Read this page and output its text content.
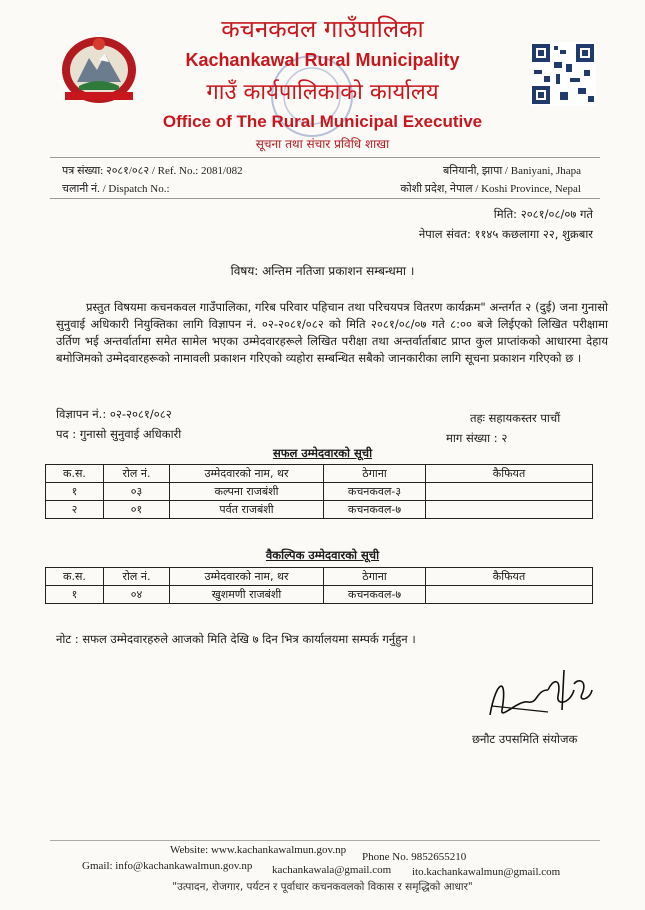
कचनकवल गाउँपालिका
Kachankawal Rural Municipality
गाउँ कार्यपालिकाको कार्यालय
Office of The Rural Municipal Executive
सूचना तथा संचार प्रविधि शाखा
पत्र संख्या: २०८१/०८२ / Ref. No.: 2081/082
चलानी नं. / Dispatch No.:
बनियानी, झापा / Baniyani, Jhapa
कोशी प्रदेश, नेपाल / Koshi Province, Nepal
मिति: २०८१/०८/०७ गते
नेपाल संवत: ११४५ कछलागा २२, शुक्रबार
विषय: अन्तिम नतिजा प्रकाशन सम्बन्धमा ।
प्रस्तुत विषयमा कचनकवल गाउँपालिका, गरिब परिवार पहिचान तथा परिचयपत्र वितरण कार्यक्रम" अन्तर्गत २ (दुई) जना गुनासो सुनुवाई अधिकारी नियुक्तिका लागि विज्ञापन नं. ०२-२०८१/०८२ को मिति २०८१/०८/०७ गते ८:०० बजे लिईएको लिखित परीक्षामा उर्तिण भई अन्तर्वार्तामा समेत सामेल भएका उम्मेदवारहरूले लिखित परीक्षा तथा अन्तर्वार्ताबाट प्राप्त कुल प्राप्तांकको आधारमा देहाय बमोजिमको उम्मेदवारहरूको नामावली प्रकाशन गरिएको व्यहोरा सम्बन्धित सबैको जानकारीका लागि सूचना प्रकाशन गरिएको छ ।
विज्ञापन नं.: ०२-२०८१/०८२	तहः सहायकस्तर पाचौं
पद : गुनासो सुनुवाई अधिकारी	माग संख्या : २
सफल उम्मेदवारको सूची
क.स.	रोल नं.	उम्मेदवारको नाम, थर	ठेगाना	कैफियत
१	०३	कल्पना राजबंशी	कचनकवल-३	
२	०१	पर्वत राजबंशी	कचनकवल-७	
वैकल्पिक उम्मेदवारको सूची
क.स.	रोल नं.	उम्मेदवारको नाम, थर	ठेगाना	कैफियत
१	०४	खुशमणी राजबंशी	कचनकवल-७	
नोट : सफल उम्मेदवारहरुले आजको मिति देखि ७ दिन भित्र कार्यालयमा सम्पर्क गर्नुहुन ।
छनौट उपसमिति संयोजक
Website: www.kachankawalmun.gov.np
Phone No. 9852655210
Gmail: info@kachankawalmun.gov.np kachankawala@gmail.com ito.kachankawalmun@gmail.com
"उत्पादन, रोजगार, पर्यटन र पूर्वाधार कचनकवलको विकास र समृद्धिको आधार"
